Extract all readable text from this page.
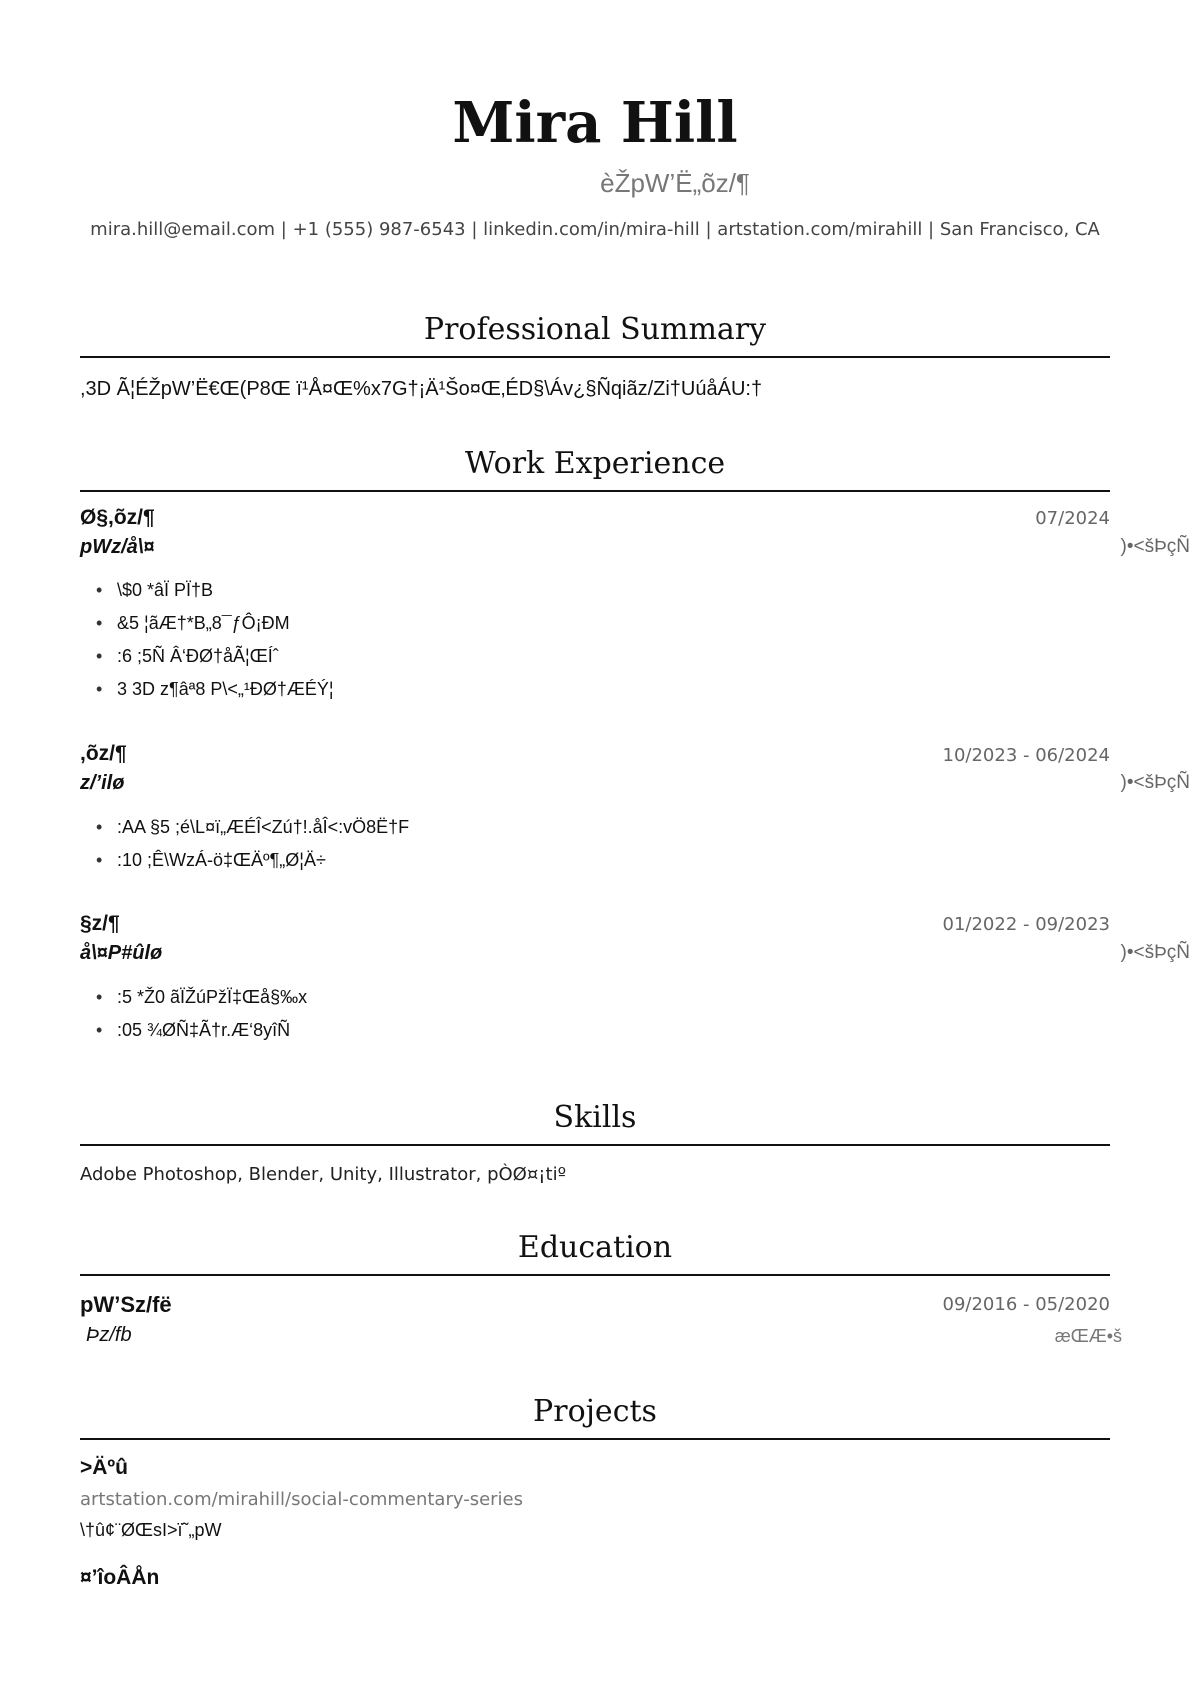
Mira Hill
èŽpW’Ë„õz/¶
mira.hill@email.com | +1 (555) 987-6543 | linkedin.com/in/mira-hill | artstation.com/mirahill | San Francisco, CA
Professional Summary
,3D Ã¦ÉŽpW’Ë€Œ(P8Œ ï¹Å¤Œ%x7G†¡Ä¹Šo¤Œ‚ÉD§\Áv¿§Ñqiãz/Zi†UúåÁU:†
Work Experience
Ø§,õz/¶	07/2024
pWz/å\¤	)•<šÞçÑ
• \$0 *âÏ PÏ†B
• &5 ¦ãÆ†*B„8¯ƒÔ¡ÐM
• :6 ;5Ñ Â‘ÐØ†åÃ¦ŒÍˆ
• 3 3D z¶âª8 P\<„¹ÐØ†ÆÉÝ¦
,õz/¶	10/2023 - 06/2024
z/’ilø	)•<šÞçÑ
• :AA §5 ;é\L¤ï„ÆÉÎ<Zú†!.åÎ<:vÖ8Ë†F
• :10 ;Ê\WzÁ-ö‡ŒÄº¶„Ø¦Ä÷
§z/¶	01/2022 - 09/2023
å\¤P#ûlø	)•<šÞçÑ
• :5 *Ž0 ãÏŽúPžÏ‡Œå§‰x
• :05 ¾ØÑ‡Ã†r.Æ‘8yîÑ
Skills
Adobe Photoshop, Blender, Unity, Illustrator, pÒØ¤¡tiº
Education
pW’Sz/fë	09/2016 - 05/2020
Þz/fb	æŒÆ•š
Projects
>Äºû
artstation.com/mirahill/social-commentary-series
\†û¢¨ØŒsI>ï˜„pW
¤’îoÂÅn
